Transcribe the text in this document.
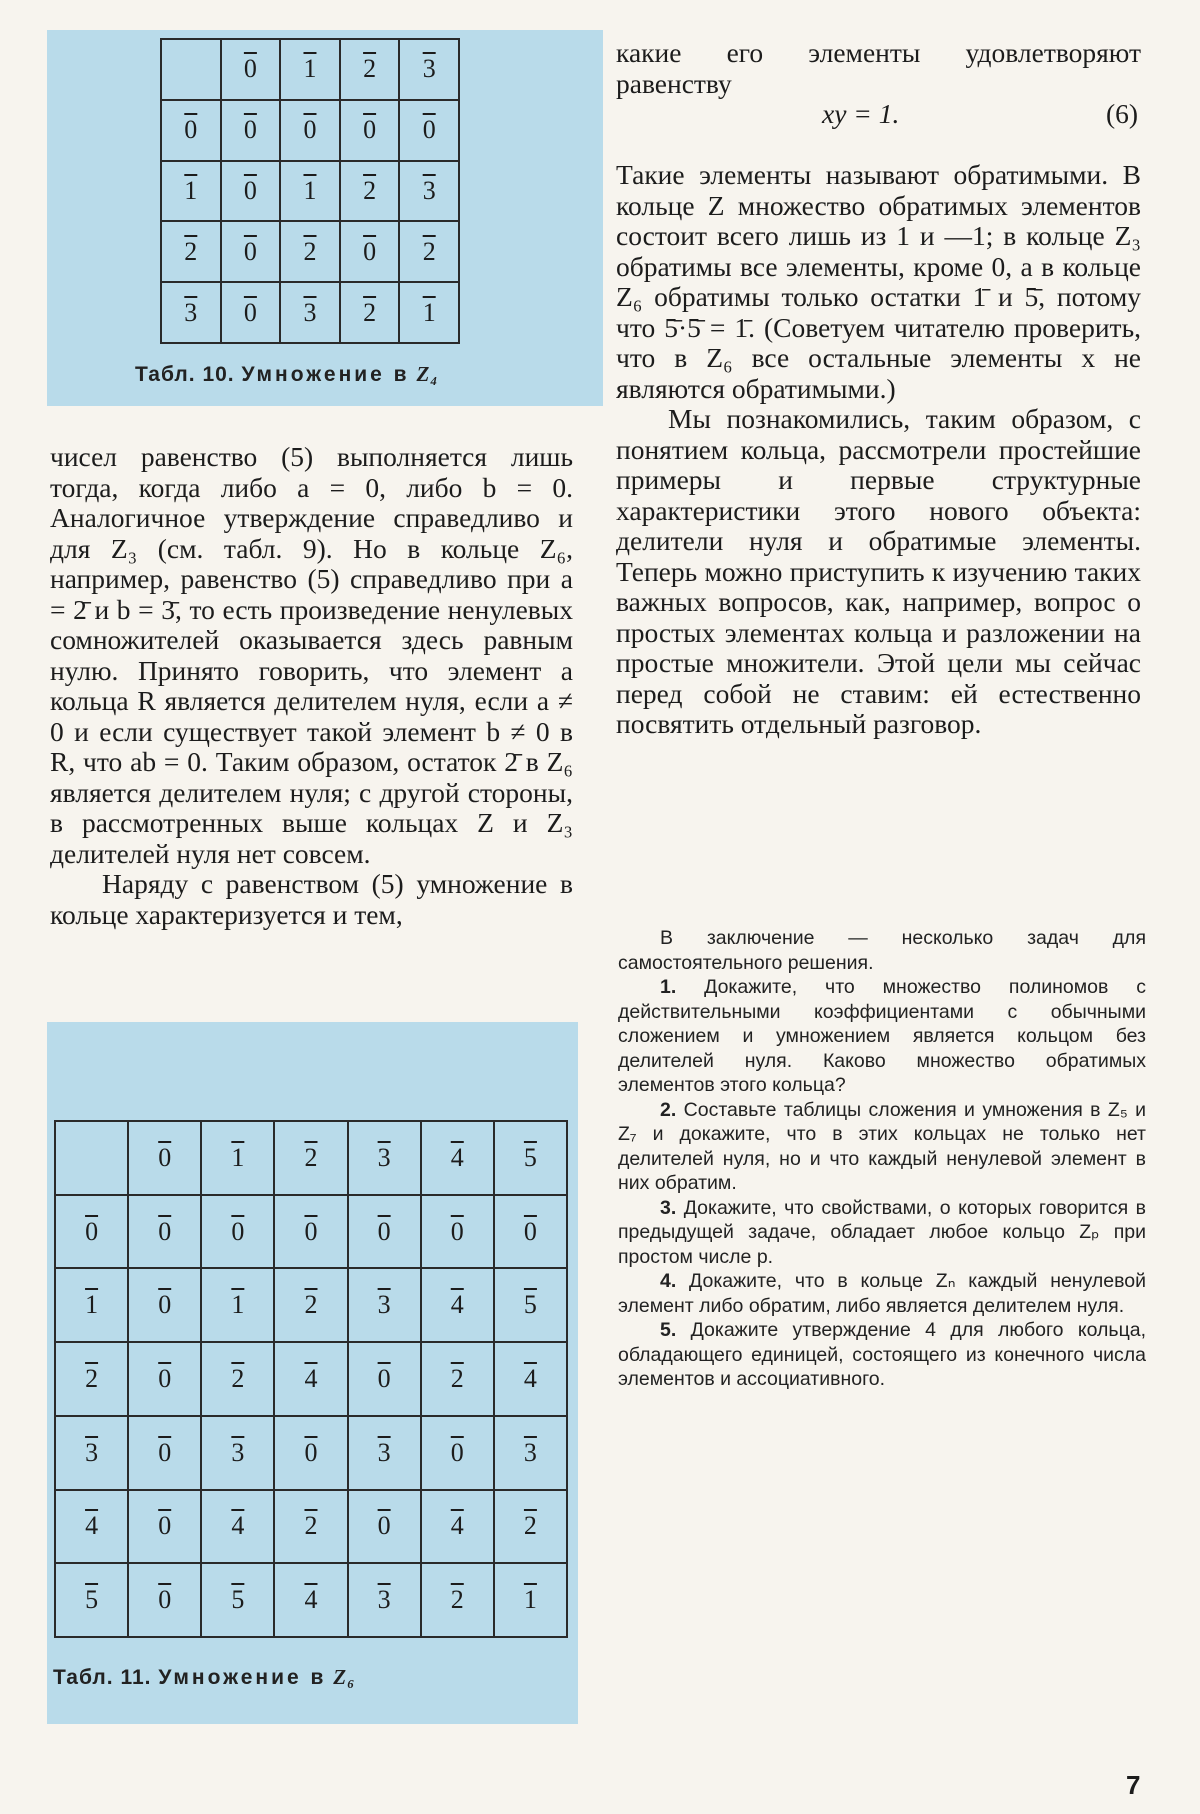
	0	1	2	3
0	0	0	0	0
1	0	1	2	3
2	0	2	0	2
3	0	3	2	1
Табл. 10. Умножение в Z₄

чисел равенство (5) выполняется лишь тогда, когда либо a = 0, либо b = 0. Аналогичное утверждение справедливо и для Z₃ (см. табл. 9). Но в кольце Z₆, например, равенство (5) справедливо при a = 2̄ и b = 3̄, то есть произведение ненулевых сомножителей оказывается здесь равным нулю. Принято говорить, что элемент a кольца R является делителем нуля, если a ≠ 0 и если существует такой элемент b ≠ 0 в R, что ab = 0. Таким образом, остаток 2̄ в Z₆ является делителем нуля; с другой стороны, в рассмотренных выше кольцах Z и Z₃ делителей нуля нет совсем.

Наряду с равенством (5) умножение в кольце характеризуется и тем,

	0	1	2	3	4	5
0	0	0	0	0	0	0
1	0	1	2	3	4	5
2	0	2	4	0	2	4
3	0	3	0	3	0	3
4	0	4	2	0	4	2
5	0	5	4	3	2	1
Табл. 11. Умножение в Z₆

какие его элементы удовлетворяют равенству

xy = 1.	(6)

Такие элементы называют обратимыми. В кольце Z множество обратимых элементов состоит всего лишь из 1 и —1; в кольце Z₃ обратимы все элементы, кроме 0, а в кольце Z₆ обратимы только остатки 1̄ и 5̄, потому что 5̄·5̄ = 1̄. (Советуем читателю проверить, что в Z₆ все остальные элементы x не являются обратимыми.)

Мы познакомились, таким образом, с понятием кольца, рассмотрели простейшие примеры и первые структурные характеристики этого нового объекта: делители нуля и обратимые элементы. Теперь можно приступить к изучению таких важных вопросов, как, например, вопрос о простых элементах кольца и разложении на простые множители. Этой цели мы сейчас перед собой не ставим: ей естественно посвятить отдельный разговор.

В заключение — несколько задач для самостоятельного решения.

1. Докажите, что множество полиномов с действительными коэффициентами с обычными сложением и умножением является кольцом без делителей нуля. Каково множество обратимых элементов этого кольца?

2. Составьте таблицы сложения и умножения в Z₅ и Z₇ и докажите, что в этих кольцах не только нет делителей нуля, но и что каждый ненулевой элемент в них обратим.

3. Докажите, что свойствами, о которых говорится в предыдущей задаче, обладает любое кольцо Zₚ при простом числе p.

4. Докажите, что в кольце Zₙ каждый ненулевой элемент либо обратим, либо является делителем нуля.

5. Докажите утверждение 4 для любого кольца, обладающего единицей, состоящего из конечного числа элементов и ассоциативного.

7
